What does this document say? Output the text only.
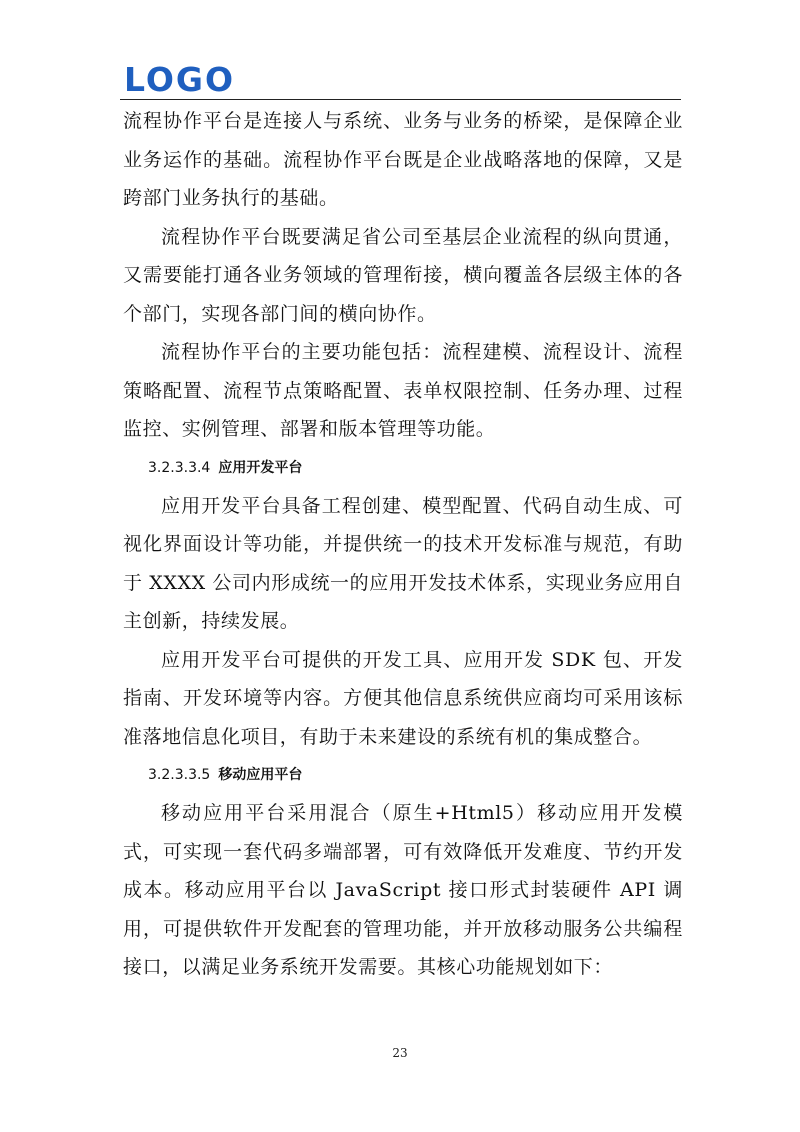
LOGO

流程协作平台是连接人与系统、业务与业务的桥梁，是保障企业业务运作的基础。流程协作平台既是企业战略落地的保障，又是跨部门业务执行的基础。

流程协作平台既要满足省公司至基层企业流程的纵向贯通，又需要能打通各业务领域的管理衔接，横向覆盖各层级主体的各个部门，实现各部门间的横向协作。

流程协作平台的主要功能包括：流程建模、流程设计、流程策略配置、流程节点策略配置、表单权限控制、任务办理、过程监控、实例管理、部署和版本管理等功能。

3.2.3.3.4 应用开发平台

应用开发平台具备工程创建、模型配置、代码自动生成、可视化界面设计等功能，并提供统一的技术开发标准与规范，有助于 XXXX 公司内形成统一的应用开发技术体系，实现业务应用自主创新，持续发展。

应用开发平台可提供的开发工具、应用开发 SDK 包、开发指南、开发环境等内容。方便其他信息系统供应商均可采用该标准落地信息化项目，有助于未来建设的系统有机的集成整合。

3.2.3.3.5 移动应用平台

移动应用平台采用混合（原生+Html5）移动应用开发模式，可实现一套代码多端部署，可有效降低开发难度、节约开发成本。移动应用平台以 JavaScript 接口形式封装硬件 API 调用，可提供软件开发配套的管理功能，并开放移动服务公共编程接口，以满足业务系统开发需要。其核心功能规划如下：

23
